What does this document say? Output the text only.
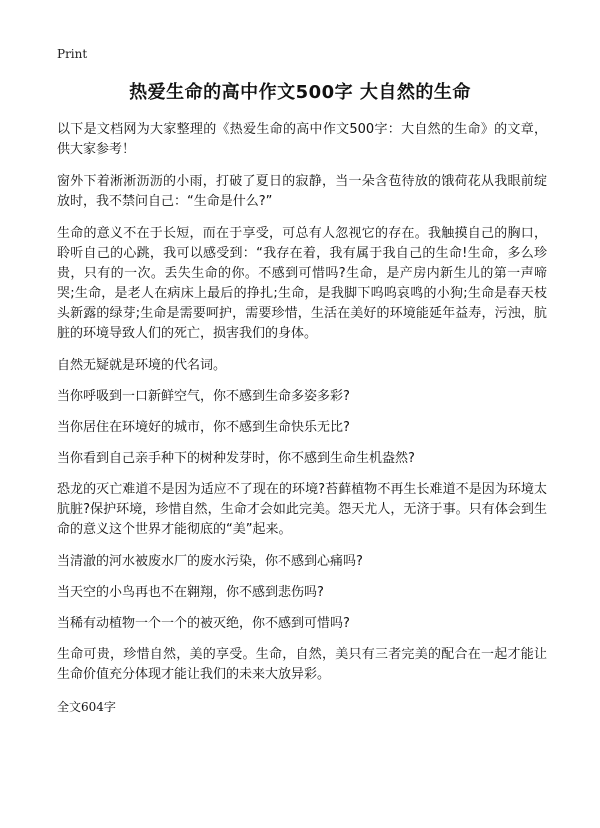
Print
热爱生命的高中作文500字 大自然的生命

以下是文档网为大家整理的《热爱生命的高中作文500字：大自然的生命》的文章，供大家参考！

窗外下着淅淅沥沥的小雨，打破了夏日的寂静，当一朵含苞待放的饿荷花从我眼前绽放时，我不禁问自己：“生命是什么?”

生命的意义不在于长短，而在于享受，可总有人忽视它的存在。我触摸自己的胸口，聆听自己的心跳，我可以感受到：“我存在着，我有属于我自己的生命!生命，多么珍贵，只有的一次。丢失生命的你。不感到可惜吗?生命，是产房内新生儿的第一声啼哭;生命，是老人在病床上最后的挣扎;生命，是我脚下呜呜哀鸣的小狗;生命是春天枝头新露的绿芽;生命是需要呵护，需要珍惜，生活在美好的环境能延年益寿，污浊，肮脏的环境导致人们的死亡，损害我们的身体。

自然无疑就是环境的代名词。

当你呼吸到一口新鲜空气，你不感到生命多姿多彩?

当你居住在环境好的城市，你不感到生命快乐无比?

当你看到自己亲手种下的树种发芽时，你不感到生命生机盎然?

恐龙的灭亡难道不是因为适应不了现在的环境?苔藓植物不再生长难道不是因为环境太肮脏?保护环境，珍惜自然，生命才会如此完美。怨天尤人，无济于事。只有体会到生命的意义这个世界才能彻底的“美”起来。

当清澈的河水被废水厂的废水污染，你不感到心痛吗?

当天空的小鸟再也不在翱翔，你不感到悲伤吗?

当稀有动植物一个一个的被灭绝，你不感到可惜吗?

生命可贵，珍惜自然，美的享受。生命，自然，美只有三者完美的配合在一起才能让生命价值充分体现才能让我们的未来大放异彩。

全文604字
